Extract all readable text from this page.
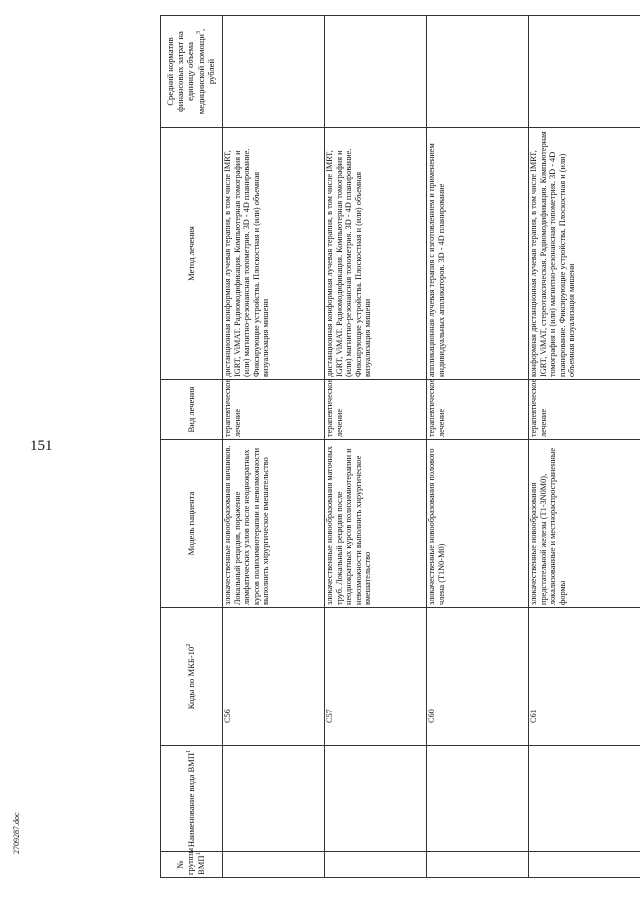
151
№ группы ВМП$^1$	Наименование вида ВМП$^1$	Коды по МКБ-$10^2$	Модель пациента	Вид лечения	Метод лечения	Средний норматив финансовых затрат на единицу объема медицинской помощи$^3$, рублей
		C56	злокачественные новообразования яичников. Локальный рецидив, поражение лимфатических узлов после неоднократных курсов полихимиотерапии и невозможности выполнить хирургическое вмешательство	терапевтическое лечение	дистанционная конформная лучевая терапия, в том числе IMRT, IGRT, ViMAT. Радиомодификация. Компьютерная томография и (или) магнитно-резонансная топометрия. 3D - 4D планирование. Фиксирующие устройства. Плоскостная и (или) объемная визуализация мишени	
		C57	злокачественные новообразования маточных труб. Локальный рецидив после неоднократных курсов полихимиотерапии и невозможности выполнить хирургическое вмешательство	терапевтическое лечение	дистанционная конформная лучевая терапия, в том числе IMRT, IGRT, ViMAT. Радиомодификация. Компьютерная томография и (или) магнитно-резонансная топометрия. 3D - 4D планирование. Фиксирующие устройства. Плоскостная и (или) объемная визуализация мишени	
		C60	злокачественные новообразования полового члена (T1N0-M0)	терапевтическое лечение	аппликационная лучевая терапия с изготовлением и применением индивидуальных аппликаторов. 3D - 4D планирование	
		C61	злокачественные новообразования предстательной железы (T1-3N0M0), локализованные и местнораспространенные формы	терапевтическое лечение	конформная дистанционная лучевая терапия, в том числе IMRT, IGRT, ViMAT, стереотаксическая. Радиомодификация. Компьютерная томография и (или) магнитно-резонансная топометрия. 3D - 4D планирование. Фиксирующие устройства. Плоскостная и (или) объемная визуализация мишени	
2709287.doc
